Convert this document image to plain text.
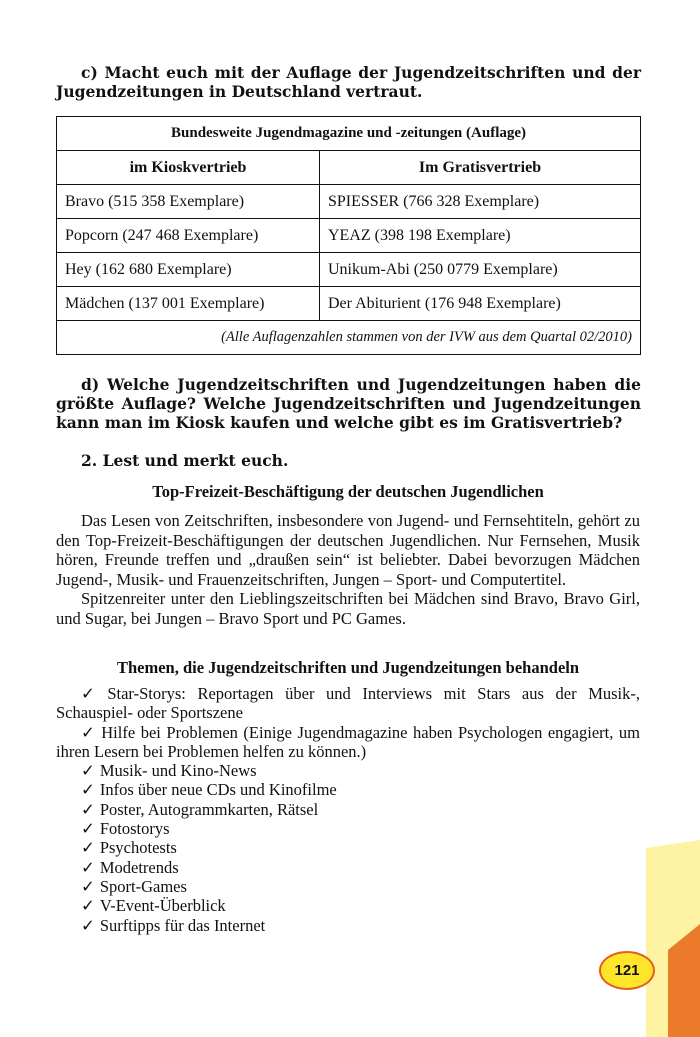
c) Macht euch mit der Auflage der Jugendzeitschriften und der Jugendzeitungen in Deutschland vertraut.
Bundesweite Jugendmagazine und -zeitungen (Auflage)	
im Kioskvertrieb	Im Gratisvertrieb
Bravo (515 358 Exemplare)	SPIESSER (766 328 Exemplare)
Popcorn (247 468 Exemplare)	YEAZ (398 198 Exemplare)
Hey (162 680 Exemplare)	Unikum-Abi (250 0779 Exemplare)
Mädchen (137 001 Exemplare)	Der Abiturient (176 948 Exemplare)
(Alle Auflagenzahlen stammen von der IVW aus dem Quartal 02/2010)	
d) Welche Jugendzeitschriften und Jugendzeitungen haben die größte Auflage? Welche Jugendzeitschriften und Jugendzeitungen kann man im Kiosk kaufen und welche gibt es im Gratisvertrieb?
2. Lest und merkt euch.
Top-Freizeit-Beschäftigung der deutschen Jugendlichen

Das Lesen von Zeitschriften, insbesondere von Jugend- und Fernsehtiteln, gehört zu den Top-Freizeit-Beschäftigungen der deutschen Jugendlichen. Nur Fernsehen, Musik hören, Freunde treffen und „draußen sein“ ist beliebter. Dabei bevorzugen Mädchen Jugend-, Musik- und Frauenzeitschriften, Jungen – Sport- und Computertitel.

Spitzenreiter unter den Lieblingszeitschriften bei Mädchen sind Bravo, Bravo Girl, und Sugar, bei Jungen – Bravo Sport und PC Games.

Themen, die Jugendzeitschriften und Jugendzeitungen behandeln
✓ Star-Storys: Reportagen über und Interviews mit Stars aus der Musik-, Schauspiel- oder Sportszene
✓ Hilfe bei Problemen (Einige Jugendmagazine haben Psychologen engagiert, um ihren Lesern bei Problemen helfen zu können.)
✓ Musik- und Kino-News
✓ Infos über neue CDs und Kinofilme
✓ Poster, Autogrammkarten, Rätsel
✓ Fotostorys
✓ Psychotests
✓ Modetrends
✓ Sport-Games
✓ V-Event-Überblick
✓ Surftipps für das Internet
121
